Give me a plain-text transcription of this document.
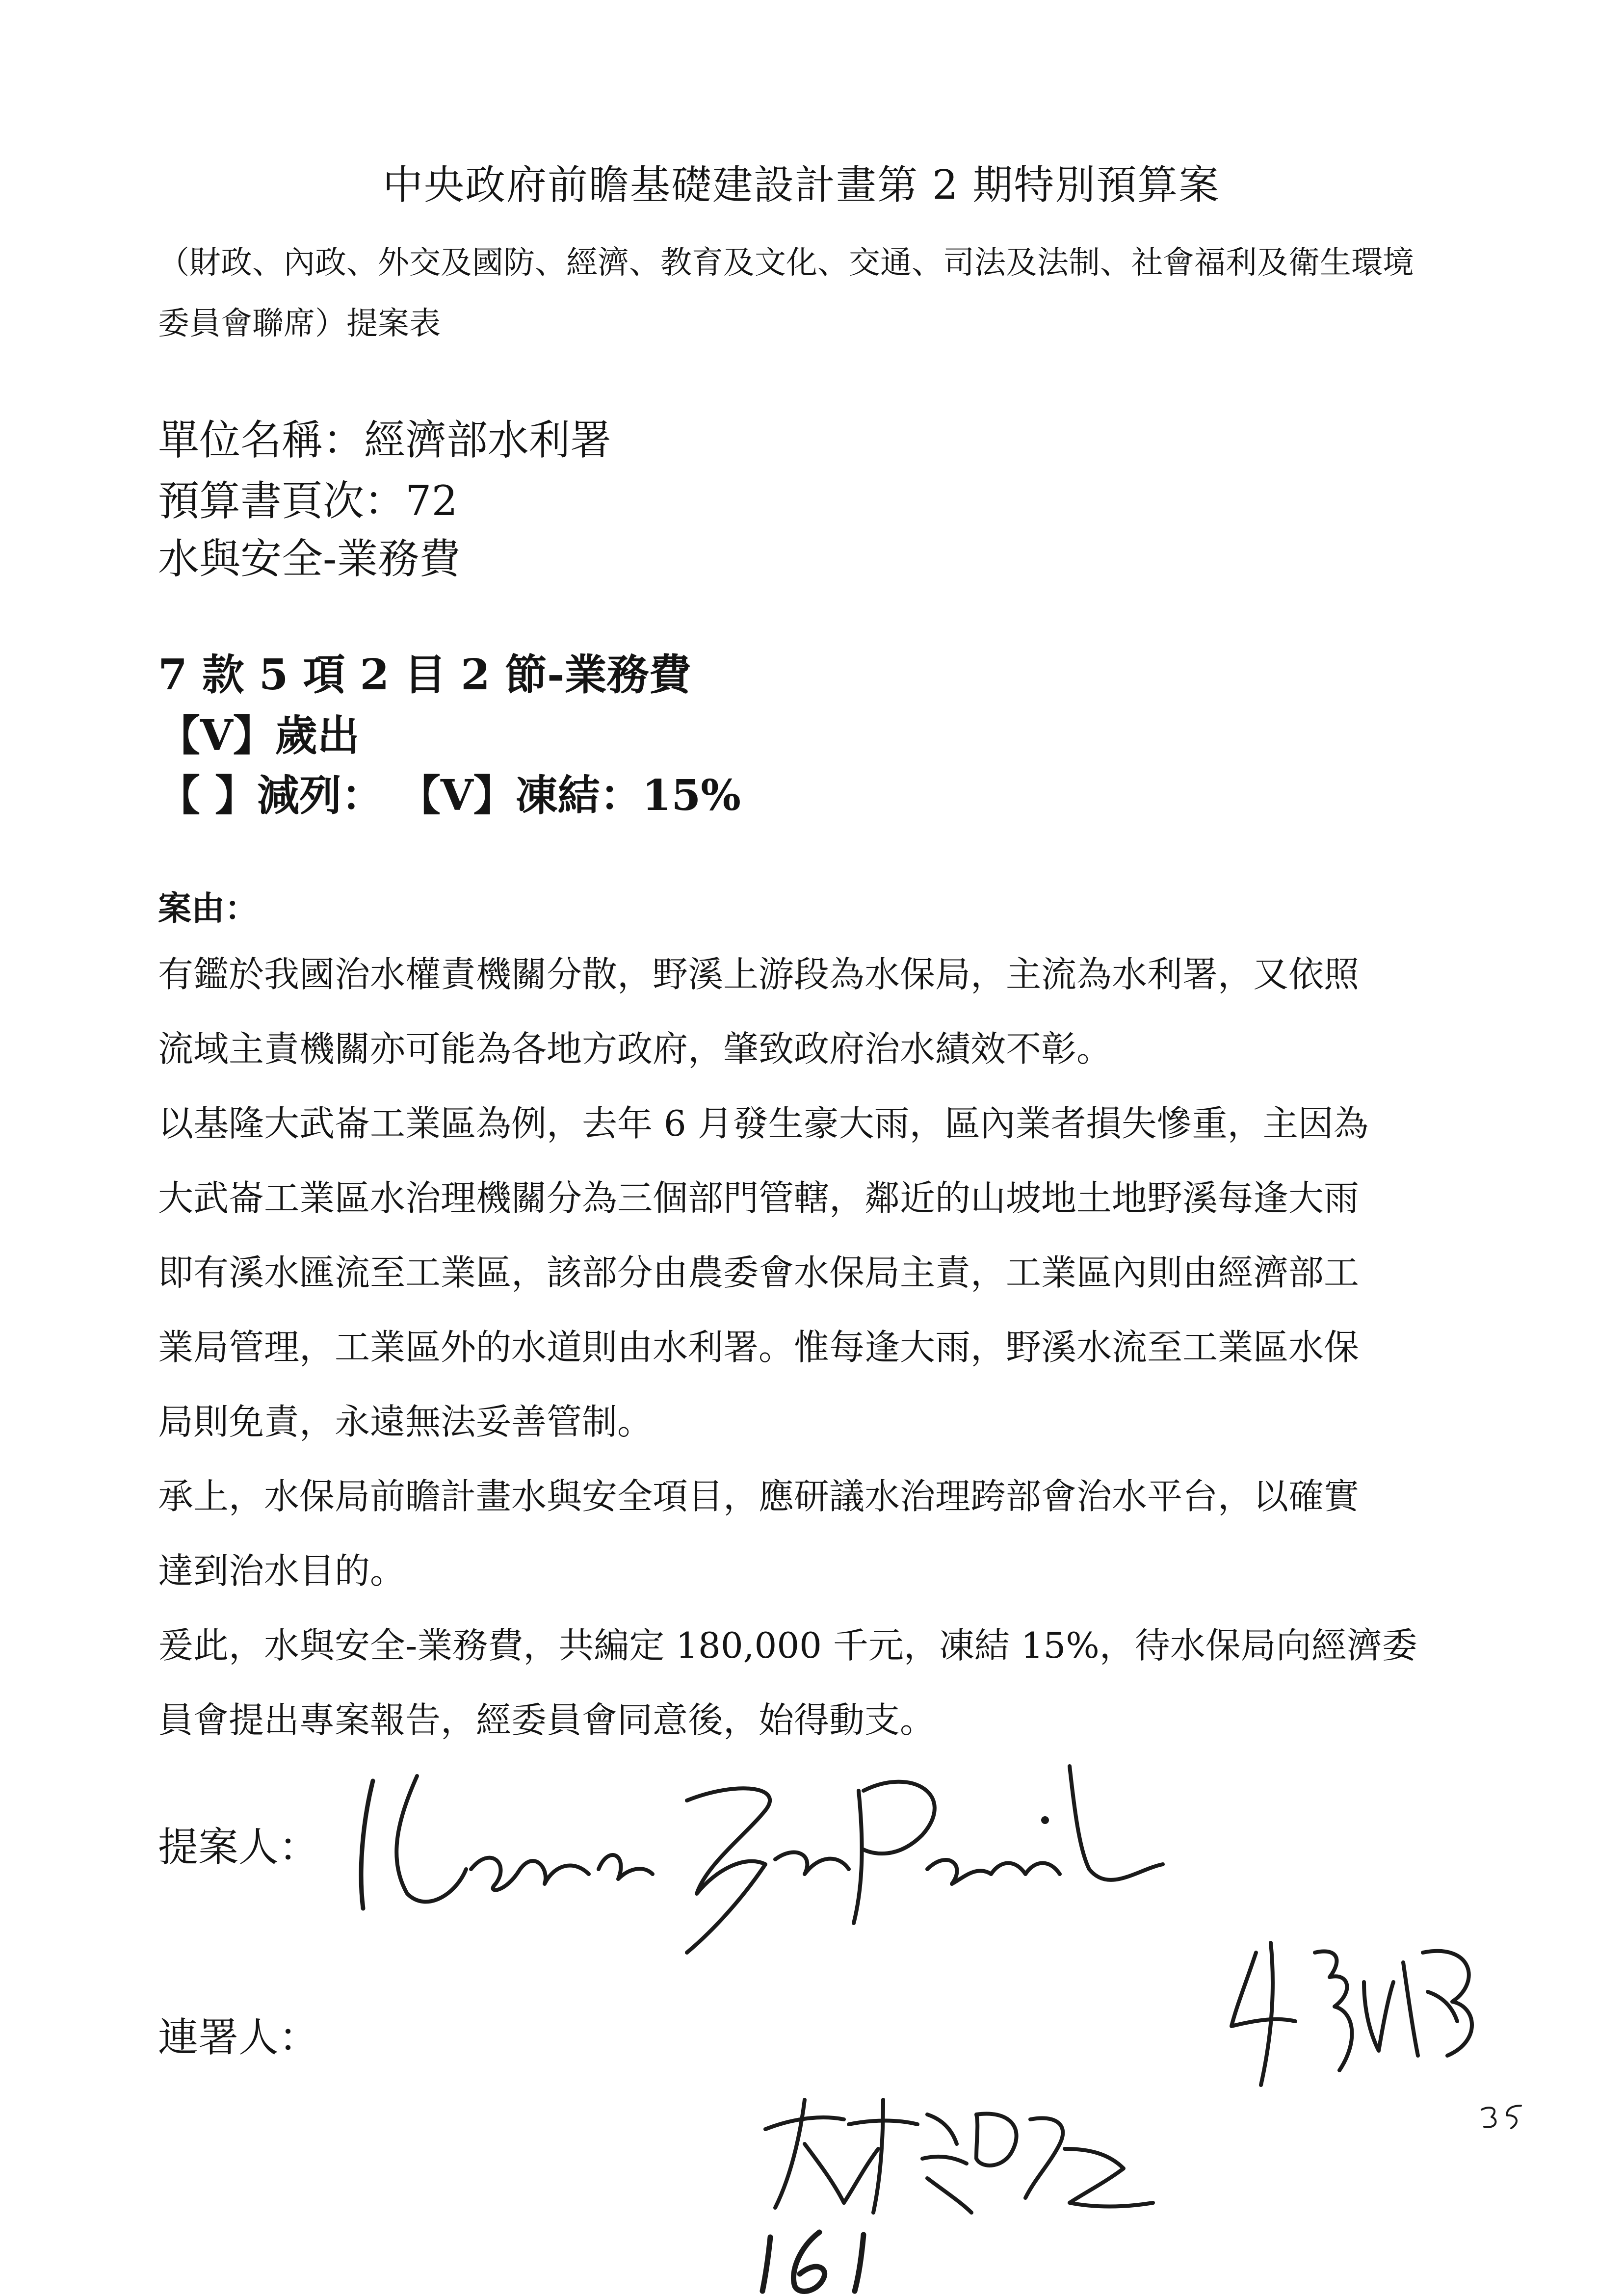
中央政府前瞻基礎建設計畫第 2 期特別預算案
（財政、內政、外交及國防、經濟、教育及文化、交通、司法及法制、社會福利及衛生環境
委員會聯席）提案表
單位名稱：經濟部水利署
預算書頁次：72
水與安全-業務費
7 款 5 項 2 目 2 節-業務費
【V】歲出
【 】減列： 【V】凍結：15%
案由：
有鑑於我國治水權責機關分散，野溪上游段為水保局，主流為水利署，又依照
流域主責機關亦可能為各地方政府，肇致政府治水績效不彰。
以基隆大武崙工業區為例，去年 6 月發生豪大雨，區內業者損失慘重，主因為
大武崙工業區水治理機關分為三個部門管轄，鄰近的山坡地土地野溪每逢大雨
即有溪水匯流至工業區，該部分由農委會水保局主責，工業區內則由經濟部工
業局管理，工業區外的水道則由水利署。惟每逢大雨，野溪水流至工業區水保
局則免責，永遠無法妥善管制。
承上，水保局前瞻計畫水與安全項目，應研議水治理跨部會治水平台，以確實
達到治水目的。
爰此，水與安全-業務費，共編定 180,000 千元，凍結 15%，待水保局向經濟委
員會提出專案報告，經委員會同意後，始得動支。
提案人：
連署人：
